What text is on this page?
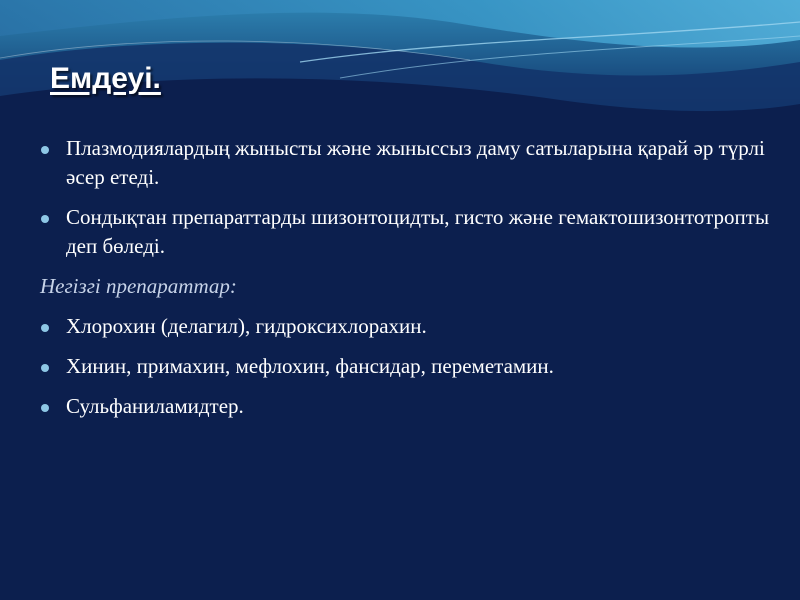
Емдеуі.
Плазмодиялардың жынысты және жыныссыз даму сатыларына қарай әр түрлі әсер етеді.
Сондықтан препараттарды шизонтоцидты, гисто және гемактошизонтотропты деп бөледі.
Негізгі препараттар:
Хлорохин (делагил), гидроксихлорахин.
Хинин, примахин, мефлохин, фансидар, переметамин.
Сульфаниламидтер.
